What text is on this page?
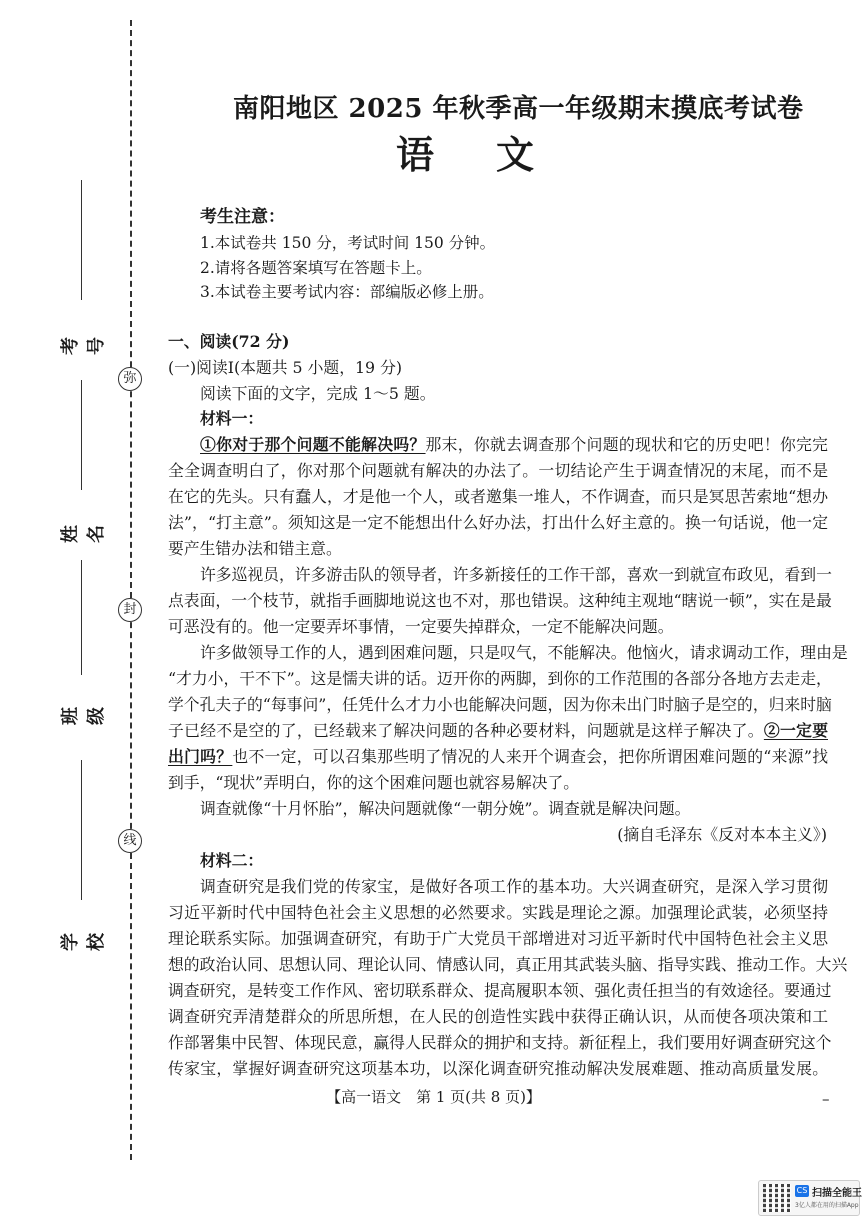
弥
封
线
考号
姓名
班级
学校
南阳地区 2025 年秋季高一年级期末摸底考试卷
语文
考生注意：
1.本试卷共 150 分，考试时间 150 分钟。
2.请将各题答案填写在答题卡上。
3.本试卷主要考试内容：部编版必修上册。
一、阅读(72 分)
(一)阅读Ⅰ(本题共 5 小题，19 分)
阅读下面的文字，完成 1～5 题。
材料一：
①你对于那个问题不能解决吗？那末，你就去调查那个问题的现状和它的历史吧！你完完
全全调查明白了，你对那个问题就有解决的办法了。一切结论产生于调查情况的末尾，而不是
在它的先头。只有蠢人，才是他一个人，或者邀集一堆人，不作调查，而只是冥思苦索地“想办
法”，“打主意”。须知这是一定不能想出什么好办法，打出什么好主意的。换一句话说，他一定
要产生错办法和错主意。
许多巡视员，许多游击队的领导者，许多新接任的工作干部，喜欢一到就宣布政见，看到一
点表面，一个枝节，就指手画脚地说这也不对，那也错误。这种纯主观地“瞎说一顿”，实在是最
可恶没有的。他一定要弄坏事情，一定要失掉群众，一定不能解决问题。
许多做领导工作的人，遇到困难问题，只是叹气，不能解决。他恼火，请求调动工作，理由是
“才力小，干不下”。这是懦夫讲的话。迈开你的两脚，到你的工作范围的各部分各地方去走走，
学个孔夫子的“每事问”，任凭什么才力小也能解决问题，因为你未出门时脑子是空的，归来时脑
子已经不是空的了，已经载来了解决问题的各种必要材料，问题就是这样子解决了。②一定要
出门吗？也不一定，可以召集那些明了情况的人来开个调查会，把你所谓困难问题的“来源”找
到手，“现状”弄明白，你的这个困难问题也就容易解决了。
调查就像“十月怀胎”，解决问题就像“一朝分娩”。调查就是解决问题。
(摘自毛泽东《反对本本主义》)
材料二：
调查研究是我们党的传家宝，是做好各项工作的基本功。大兴调查研究，是深入学习贯彻
习近平新时代中国特色社会主义思想的必然要求。实践是理论之源。加强理论武装，必须坚持
理论联系实际。加强调查研究，有助于广大党员干部增进对习近平新时代中国特色社会主义思
想的政治认同、思想认同、理论认同、情感认同，真正用其武装头脑、指导实践、推动工作。大兴
调查研究，是转变工作作风、密切联系群众、提高履职本领、强化责任担当的有效途径。要通过
调查研究弄清楚群众的所思所想，在人民的创造性实践中获得正确认识，从而使各项决策和工
作部署集中民智、体现民意，赢得人民群众的拥护和支持。新征程上，我们要用好调查研究这个
传家宝，掌握好调查研究这项基本功，以深化调查研究推动解决发展难题、推动高质量发展。
【高一语文　第 1 页(共 8 页)】	–
CS 扫描全能王
3亿人都在用的扫描App
